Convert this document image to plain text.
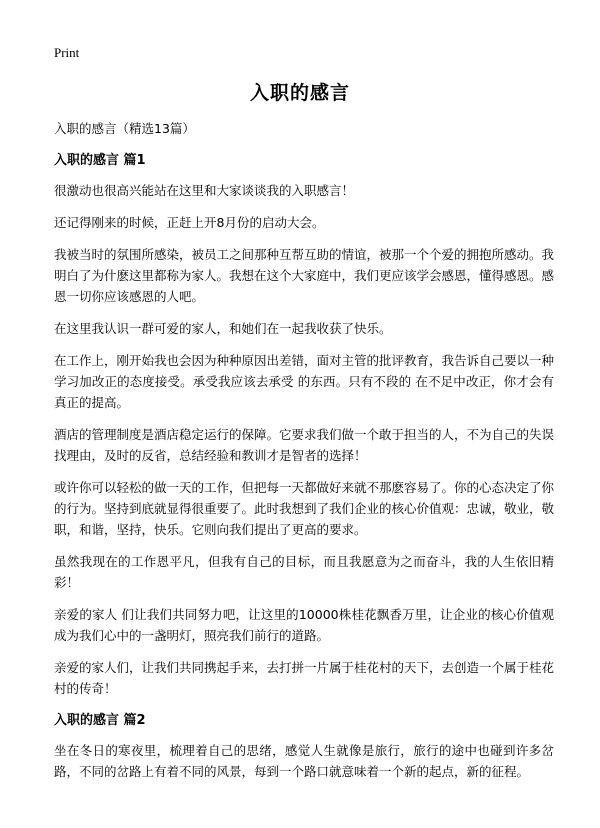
Print
入职的感言
入职的感言（精选13篇）
入职的感言 篇1

很激动也很高兴能站在这里和大家谈谈我的入职感言！

还记得刚来的时候，正赶上开8月份的启动大会。

我被当时的氛围所感染，被员工之间那种互帮互助的情谊，被那一个个爱的拥抱所感动。我明白了为什麽这里都称为家人。我想在这个大家庭中，我们更应该学会感恩，懂得感恩。感恩一切你应该感恩的人吧。

在这里我认识一群可爱的家人，和她们在一起我收获了快乐。

在工作上，刚开始我也会因为种种原因出差错，面对主管的批评教育，我告诉自己要以一种学习加改正的态度接受。承受我应该去承受 的东西。只有不段的 在不足中改正，你才会有真正的提高。

酒店的管理制度是酒店稳定运行的保障。它要求我们做一个敢于担当的人，不为自己的失误找理由，及时的反省，总结经验和教训才是智者的选择！

或许你可以轻松的做一天的工作，但把每一天都做好来就不那麽容易了。你的心态决定了你的行为。坚持到底就显得很重要了。此时我想到了我们企业的核心价值观：忠诚，敬业，敬职，和谐，坚持，快乐。它则向我们提出了更高的要求。

虽然我现在的工作恩平凡，但我有自己的目标，而且我愿意为之而奋斗，我的人生依旧精彩！

亲爱的家人 们让我们共同努力吧，让这里的10000株桂花飘香万里，让企业的核心价值观成为我们心中的一盏明灯，照亮我们前行的道路。

亲爱的家人们，让我们共同携起手来，去打拼一片属于桂花村的天下，去创造一个属于桂花村的传奇！

入职的感言 篇2

坐在冬日的寒夜里，梳理着自己的思绪，感觉人生就像是旅行，旅行的途中也碰到许多岔路，不同的岔路上有着不同的风景，每到一个路口就意味着一个新的起点，新的征程。
